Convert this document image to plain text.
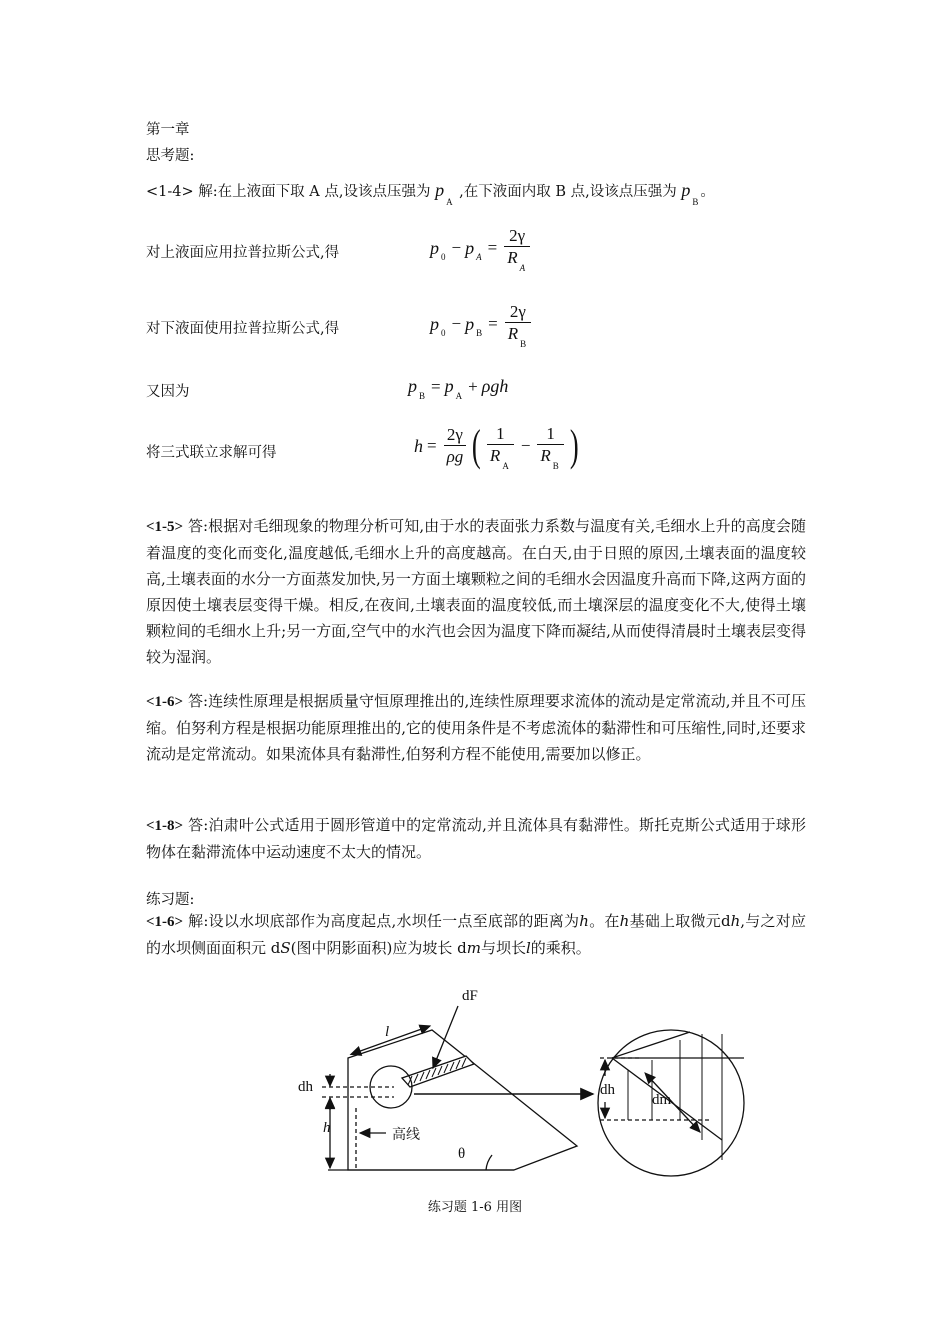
第一章
思考题:
<1-4> 解:在上液面下取 A 点,设该点压强为 $p_A$ ,在下液面内取 B 点,设该点压强为 $p_B$。
对上液面应用拉普拉斯公式,得	p 0 − p $A = \frac{2\gamma}{R_A}$
对下液面使用拉普拉斯公式,得	p 0 − p $B = \frac{2\gamma}{R_B}$
又因为	p B = p A + ρgh
将三式联立求解可得	$h = \frac{2\gamma}{\rho g}$ ( $\frac{1}{R_A} - \frac{1}{R_B}$ )

<1-5> 答:根据对毛细现象的物理分析可知,由于水的表面张力系数与温度有关,毛细水上升的高度会随着温度的变化而变化,温度越低,毛细水上升的高度越高。在白天,由于日照的原因,土壤表面的温度较高,土壤表面的水分一方面蒸发加快,另一方面土壤颗粒之间的毛细水会因温度升高而下降,这两方面的原因使土壤表层变得干燥。相反,在夜间,土壤表面的温度较低,而土壤深层的温度变化不大,使得土壤颗粒间的毛细水上升;另一方面,空气中的水汽也会因为温度下降而凝结,从而使得清晨时土壤表层变得较为湿润。

<1-6> 答:连续性原理是根据质量守恒原理推出的,连续性原理要求流体的流动是定常流动,并且不可压缩。伯努利方程是根据功能原理推出的,它的使用条件是不考虑流体的黏滞性和可压缩性,同时,还要求流动是定常流动。如果流体具有黏滞性,伯努利方程不能使用,需要加以修正。

<1-8> 答:泊肃叶公式适用于圆形管道中的定常流动,并且流体具有黏滞性。斯托克斯公式适用于球形物体在黏滞流体中运动速度不太大的情况。

练习题:

<1-6> 解:设以水坝底部作为高度起点,水坝任一点至底部的距离为h。在h基础上取微元dh,与之对应的水坝侧面面积元 dS(图中阴影面积)应为坡长 dm与坝长l的乘积。

dF
l
dh
h	高线
θ
dh
dm
练习题 1-6 用图
